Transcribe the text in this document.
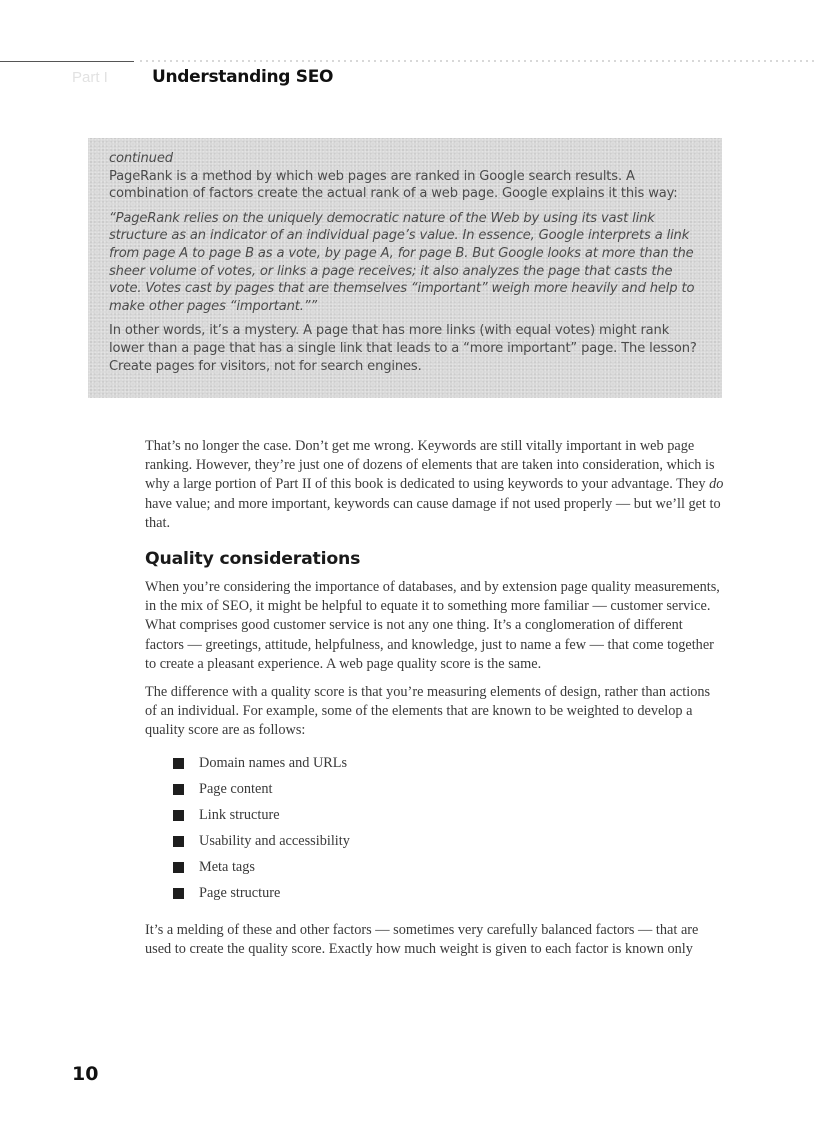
Part I	Understanding SEO

continued

PageRank is a method by which web pages are ranked in Google search results. A combination of factors create the actual rank of a web page. Google explains it this way:

“PageRank relies on the uniquely democratic nature of the Web by using its vast link structure as an indicator of an individual page’s value. In essence, Google interprets a link from page A to page B as a vote, by page A, for page B. But Google looks at more than the sheer volume of votes, or links a page receives; it also analyzes the page that casts the vote. Votes cast by pages that are themselves “important” weigh more heavily and help to make other pages “important.””

In other words, it’s a mystery. A page that has more links (with equal votes) might rank lower than a page that has a single link that leads to a “more important” page. The lesson? Create pages for visitors, not for search engines.

That’s no longer the case. Don’t get me wrong. Keywords are still vitally important in web page ranking. However, they’re just one of dozens of elements that are taken into consideration, which is why a large portion of Part II of this book is dedicated to using keywords to your advantage. They do have value; and more important, keywords can cause damage if not used properly — but we’ll get to that.

Quality considerations

When you’re considering the importance of databases, and by extension page quality measurements, in the mix of SEO, it might be helpful to equate it to something more familiar — customer service. What comprises good customer service is not any one thing. It’s a conglomeration of different factors — greetings, attitude, helpfulness, and knowledge, just to name a few — that come together to create a pleasant experience. A web page quality score is the same.

The difference with a quality score is that you’re measuring elements of design, rather than actions of an individual. For example, some of the elements that are known to be weighted to develop a quality score are as follows:

Domain names and URLs
Page content
Link structure
Usability and accessibility
Meta tags
Page structure

It’s a melding of these and other factors — sometimes very carefully balanced factors — that are used to create the quality score. Exactly how much weight is given to each factor is known only

10
